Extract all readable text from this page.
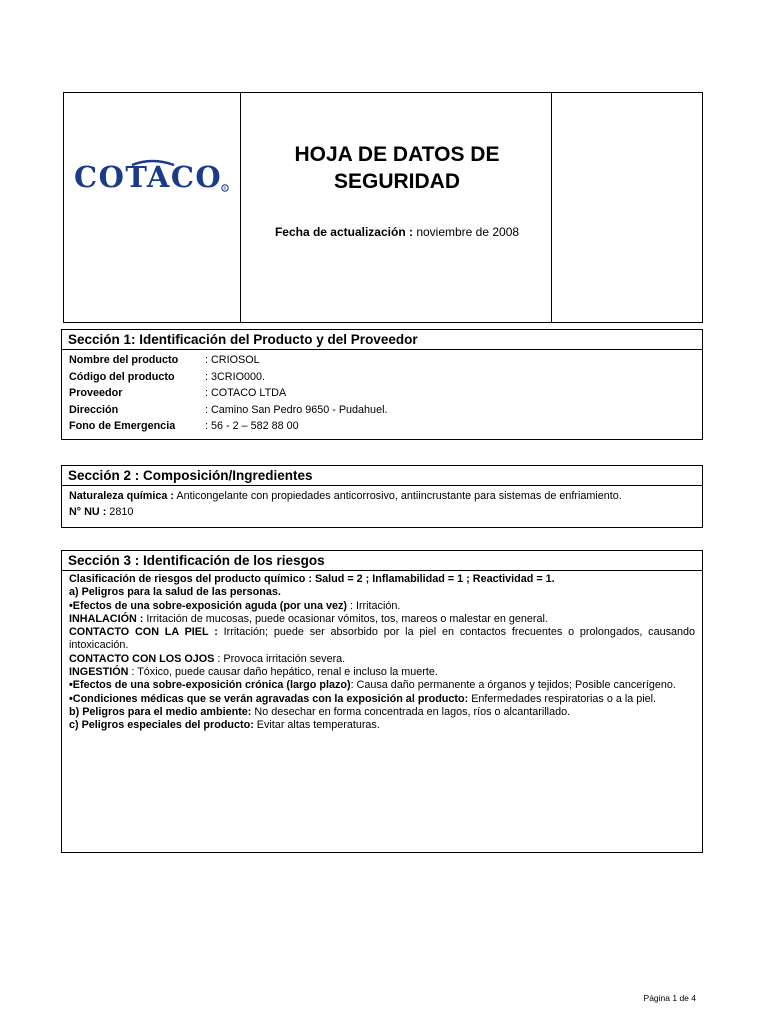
COTACO R
HOJA DE DATOS DE
SEGURIDAD
Fecha de actualización : noviembre de 2008
Sección 1: Identificación del Producto y del Proveedor
Nombre del producto	: CRIOSOL
Código del producto	: 3CRIO000.
Proveedor	: COTACO LTDA
Dirección	: Camino San Pedro 9650 - Pudahuel.
Fono de Emergencia	: 56 - 2 – 582 88 00
Sección 2 : Composición/Ingredientes
Naturaleza química : Anticongelante con propiedades anticorrosivo, antiincrustante para sistemas de enfriamiento.
N° NU : 2810
Sección 3 : Identificación de los riesgos
Clasificación de riesgos del producto químico : Salud = 2 ; Inflamabilidad = 1 ; Reactividad = 1.
a) Peligros para la salud de las personas.
•Efectos de una sobre-exposición aguda (por una vez) : Irritación.
INHALACIÓN : Irritación de mucosas, puede ocasionar vómitos, tos, mareos o malestar en general.
CONTACTO CON LA PIEL : Irritación; puede ser absorbido por la piel en contactos frecuentes o prolongados, causando intoxicación.
CONTACTO CON LOS OJOS : Provoca irritación severa.
INGESTIÓN : Tóxico, puede causar daño hepático, renal e incluso la muerte.
•Efectos de una sobre-exposición crónica (largo plazo): Causa daño permanente a órganos y tejidos; Posible cancerígeno.
•Condiciones médicas que se verán agravadas con la exposición al producto: Enfermedades respiratorias o a la piel.
b) Peligros para el medio ambiente: No desechar en forma concentrada en lagos, ríos o alcantarillado.
c) Peligros especiales del producto: Evitar altas temperaturas.
Página 1 de 4
